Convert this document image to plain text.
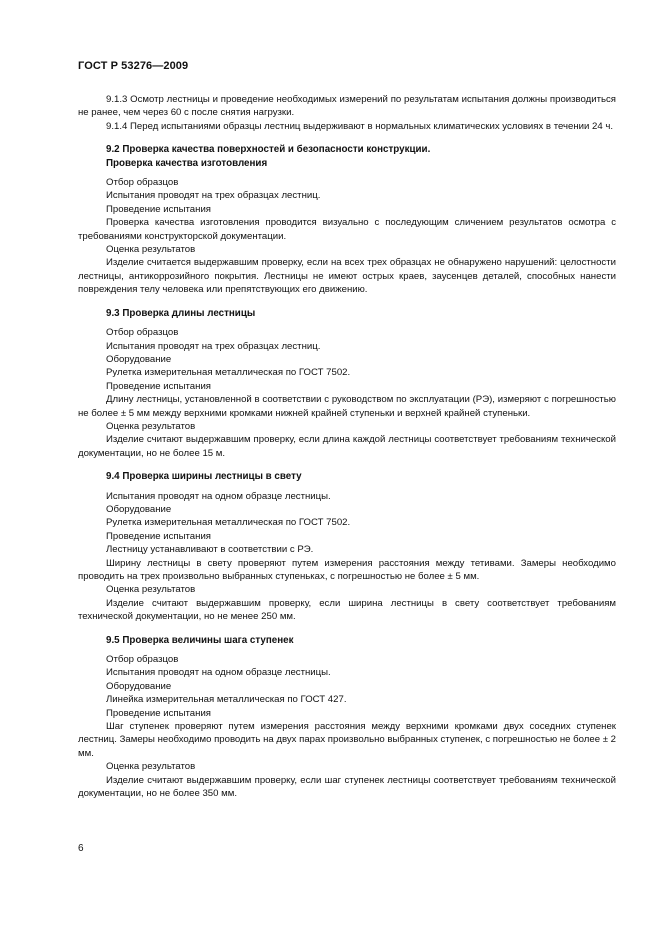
ГОСТ Р 53276—2009

9.1.3 Осмотр лестницы и проведение необходимых измерений по результатам испытания должны производиться не ранее, чем через 60 с после снятия нагрузки.

9.1.4 Перед испытаниями образцы лестниц выдерживают в нормальных климатических условиях в течении 24 ч.

9.2 Проверка качества поверхностей и безопасности конструкции.

Проверка качества изготовления

Отбор образцов

Испытания проводят на трех образцах лестниц.

Проведение испытания

Проверка качества изготовления проводится визуально с последующим сличением результатов осмотра с требованиями конструкторской документации.

Оценка результатов

Изделие считается выдержавшим проверку, если на всех трех образцах не обнаружено нарушений: целостности лестницы, антикоррозийного покрытия. Лестницы не имеют острых краев, заусенцев деталей, способных нанести повреждения телу человека или препятствующих его движению.

9.3 Проверка длины лестницы

Отбор образцов

Испытания проводят на трех образцах лестниц.

Оборудование

Рулетка измерительная металлическая по ГОСТ 7502.

Проведение испытания

Длину лестницы, установленной в соответствии с руководством по эксплуатации (РЭ), измеряют с погрешностью не более ± 5 мм между верхними кромками нижней крайней ступеньки и верхней крайней ступеньки.

Оценка результатов

Изделие считают выдержавшим проверку, если длина каждой лестницы соответствует требованиям технической документации, но не более 15 м.

9.4 Проверка ширины лестницы в свету

Испытания проводят на одном образце лестницы.

Оборудование

Рулетка измерительная металлическая по ГОСТ 7502.

Проведение испытания

Лестницу устанавливают в соответствии с РЭ.

Ширину лестницы в свету проверяют путем измерения расстояния между тетивами. Замеры необходимо проводить на трех произвольно выбранных ступеньках, с погрешностью не более ± 5 мм.

Оценка результатов

Изделие считают выдержавшим проверку, если ширина лестницы в свету соответствует требованиям технической документации, но не менее 250 мм.

9.5 Проверка величины шага ступенек

Отбор образцов

Испытания проводят на одном образце лестницы.

Оборудование

Линейка измерительная металлическая по ГОСТ 427.

Проведение испытания

Шаг ступенек проверяют путем измерения расстояния между верхними кромками двух соседних ступенек лестниц. Замеры необходимо проводить на двух парах произвольно выбранных ступенек, с погрешностью не более ± 2 мм.

Оценка результатов

Изделие считают выдержавшим проверку, если шаг ступенек лестницы соответствует требованиям технической документации, но не более 350 мм.

6
